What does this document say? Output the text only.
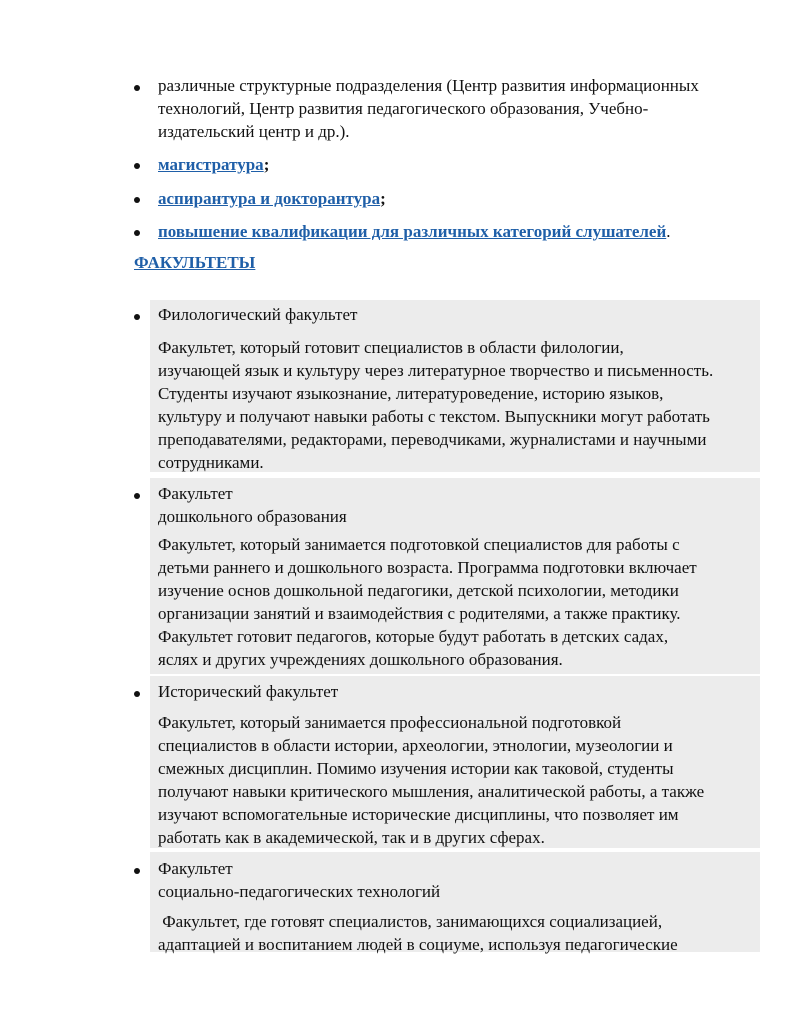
различные структурные подразделения (Центр развития информационных
технологий, Центр развития педагогического образования, Учебно-
издательский центр и др.).
магистратура;
аспирантура и докторантура;
повышение квалификации для различных категорий слушателей.
ФАКУЛЬТЕТЫ
Филологический факультет
Факультет, который готовит специалистов в области филологии,
изучающей язык и культуру через литературное творчество и письменность.
Студенты изучают языкознание, литературоведение, историю языков,
культуру и получают навыки работы с текстом. Выпускники могут работать
преподавателями, редакторами, переводчиками, журналистами и научными
сотрудниками.
Факультет
дошкольного образования
Факультет, который занимается подготовкой специалистов для работы с
детьми раннего и дошкольного возраста. Программа подготовки включает
изучение основ дошкольной педагогики, детской психологии, методики
организации занятий и взаимодействия с родителями, а также практику.
Факультет готовит педагогов, которые будут работать в детских садах,
яслях и других учреждениях дошкольного образования.
Исторический факультет
Факультет, который занимается профессиональной подготовкой
специалистов в области истории, археологии, этнологии, музеологии и
смежных дисциплин. Помимо изучения истории как таковой, студенты
получают навыки критического мышления, аналитической работы, а также
изучают вспомогательные исторические дисциплины, что позволяет им
работать как в академической, так и в других сферах.
Факультет
социально-педагогических технологий
Факультет, где готовят специалистов, занимающихся социализацией,
адаптацией и воспитанием людей в социуме, используя педагогические
